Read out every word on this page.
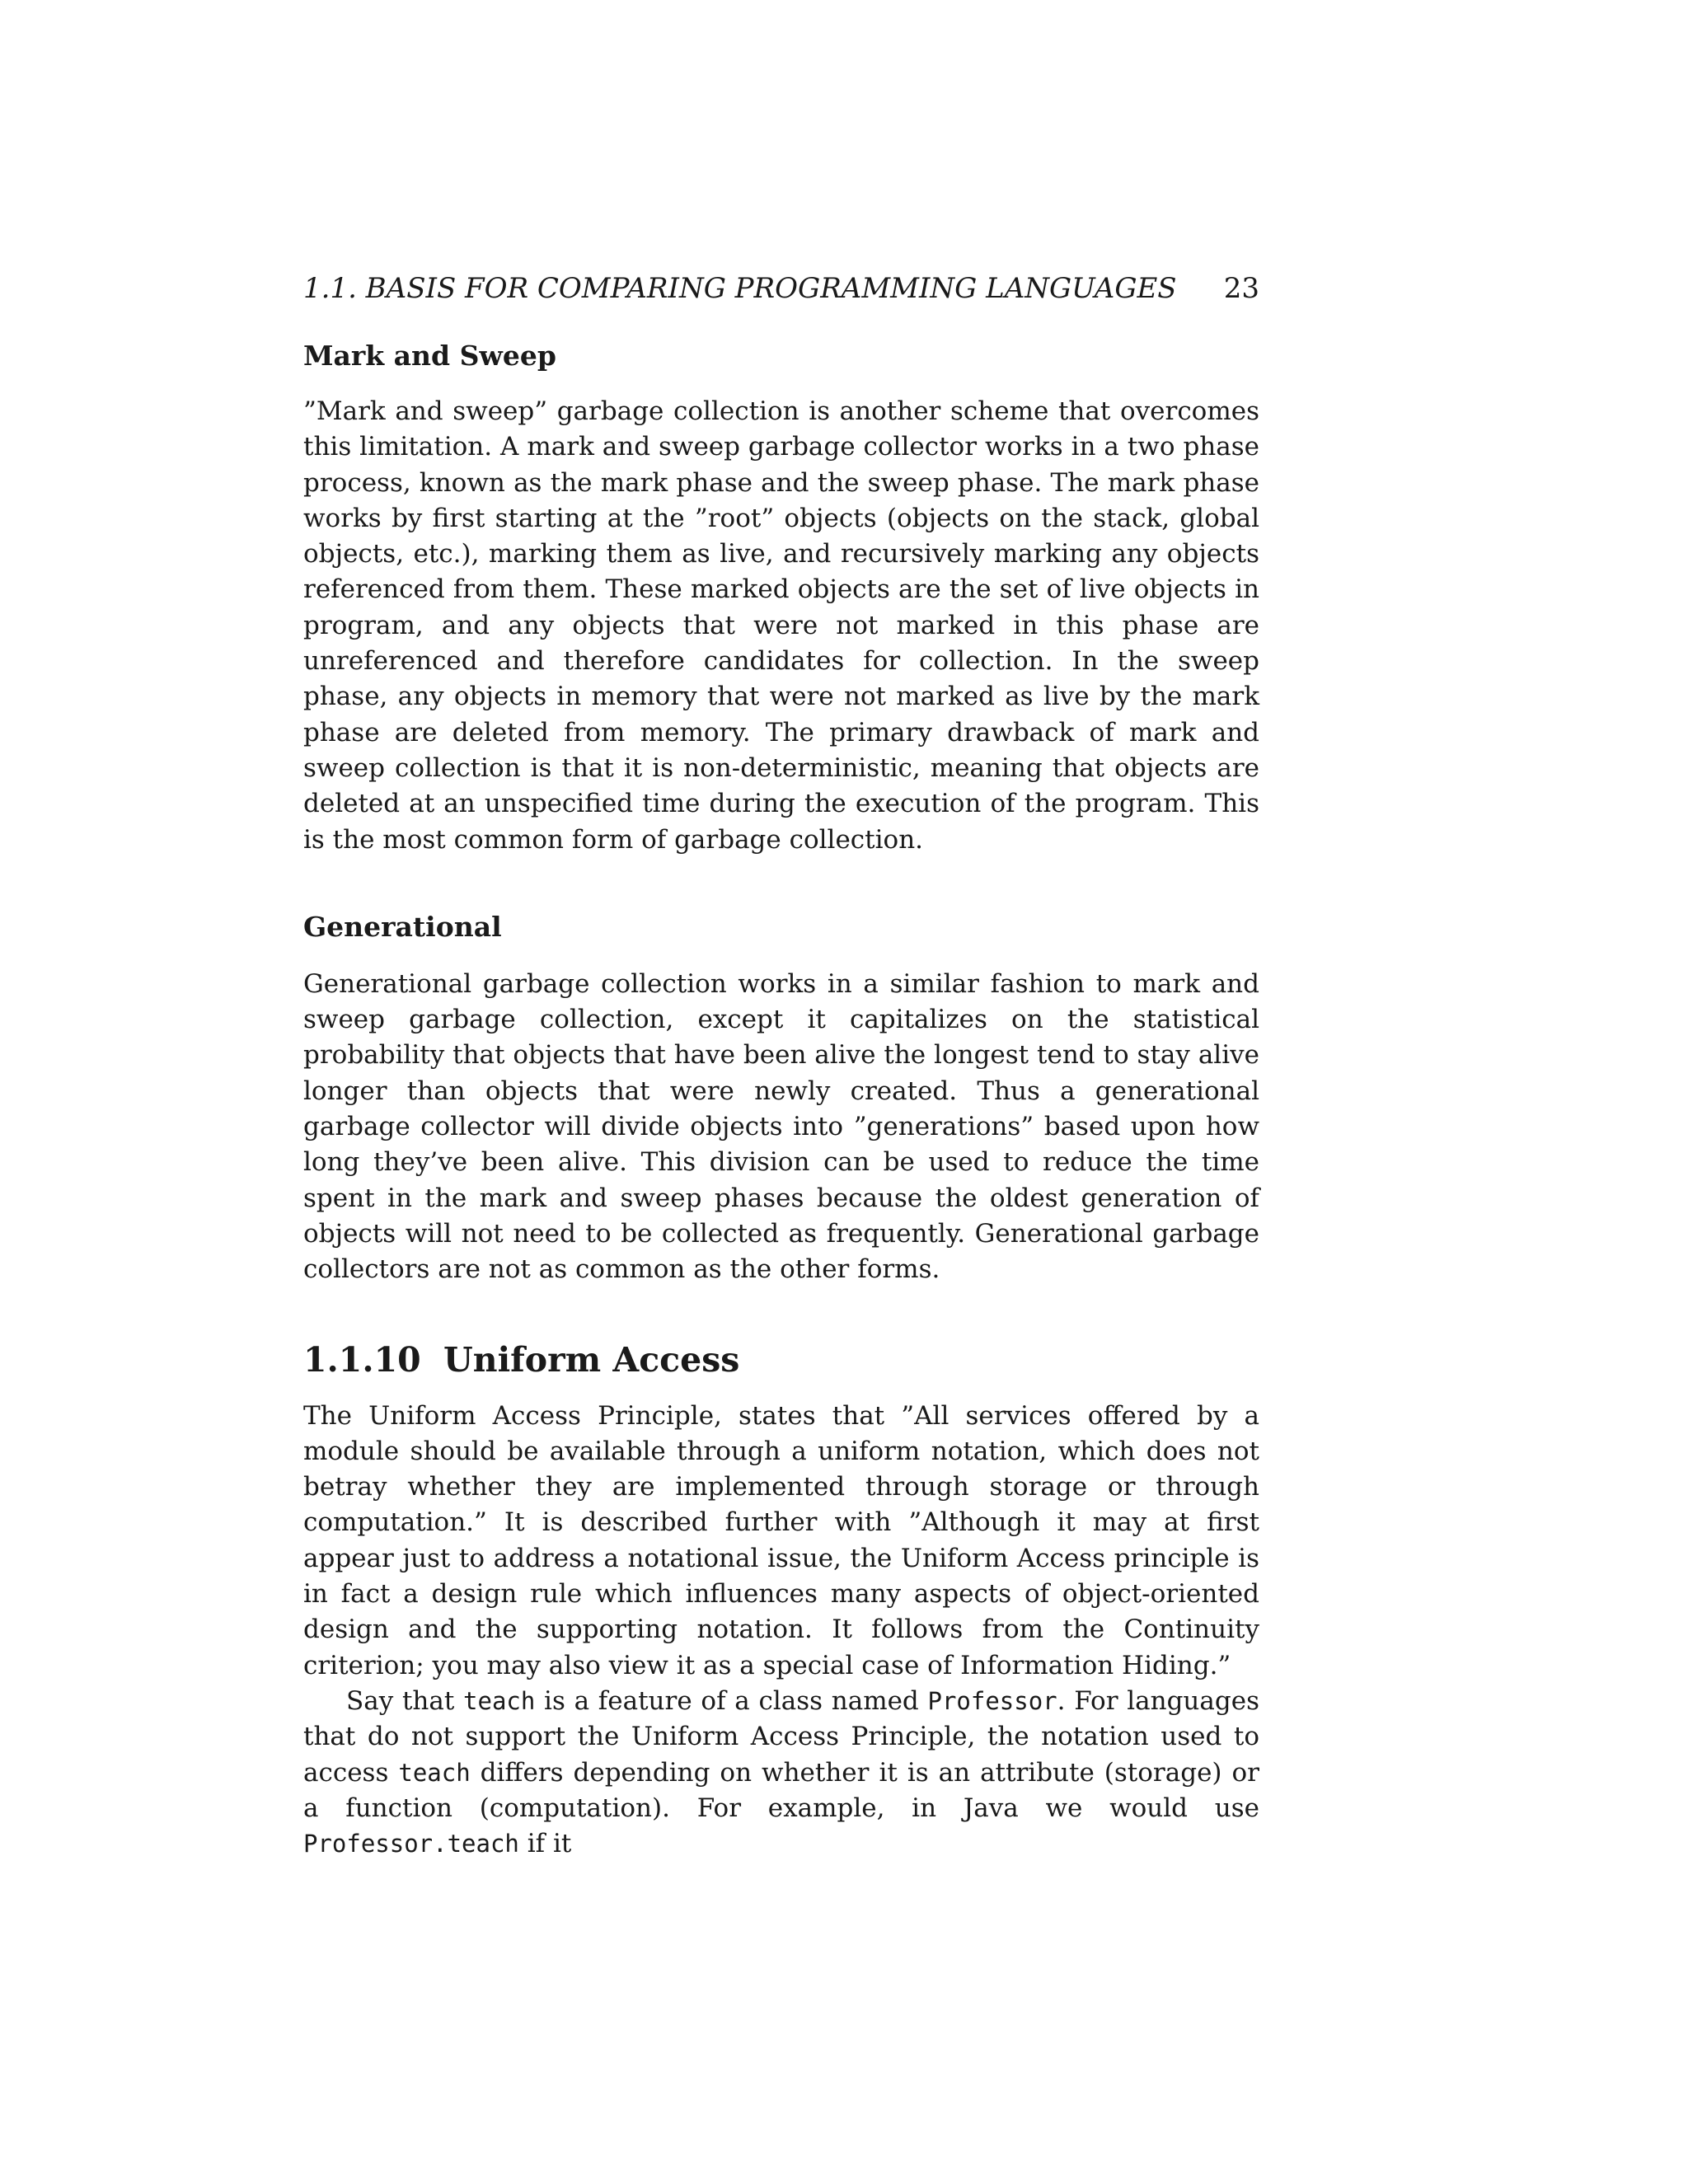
1.1. BASIS FOR COMPARING PROGRAMMING LANGUAGES 23
Mark and Sweep

”Mark and sweep” garbage collection is another scheme that overcomes this limitation. A mark and sweep garbage collector works in a two phase process, known as the mark phase and the sweep phase. The mark phase works by first starting at the ”root” objects (objects on the stack, global objects, etc.), marking them as live, and recursively marking any objects referenced from them. These marked objects are the set of live objects in program, and any objects that were not marked in this phase are unreferenced and therefore candidates for collection. In the sweep phase, any objects in memory that were not marked as live by the mark phase are deleted from memory. The primary drawback of mark and sweep collection is that it is non-deterministic, meaning that objects are deleted at an unspecified time during the execution of the program. This is the most common form of garbage collection.

Generational

Generational garbage collection works in a similar fashion to mark and sweep garbage collection, except it capitalizes on the statistical probability that objects that have been alive the longest tend to stay alive longer than objects that were newly created. Thus a generational garbage collector will divide objects into ”generations” based upon how long they’ve been alive. This division can be used to reduce the time spent in the mark and sweep phases because the oldest generation of objects will not need to be collected as frequently. Generational garbage collectors are not as common as the other forms.

1.1.10 Uniform Access

The Uniform Access Principle, states that ”All services offered by a module should be available through a uniform notation, which does not betray whether they are implemented through storage or through computation.” It is described further with ”Although it may at first appear just to address a notational issue, the Uniform Access principle is in fact a design rule which influences many aspects of object-oriented design and the supporting notation. It follows from the Continuity criterion; you may also view it as a special case of Information Hiding.”

Say that teach is a feature of a class named Professor. For languages that do not support the Uniform Access Principle, the notation used to access teach differs depending on whether it is an attribute (storage) or a function (computation). For example, in Java we would use Professor.teach if it
